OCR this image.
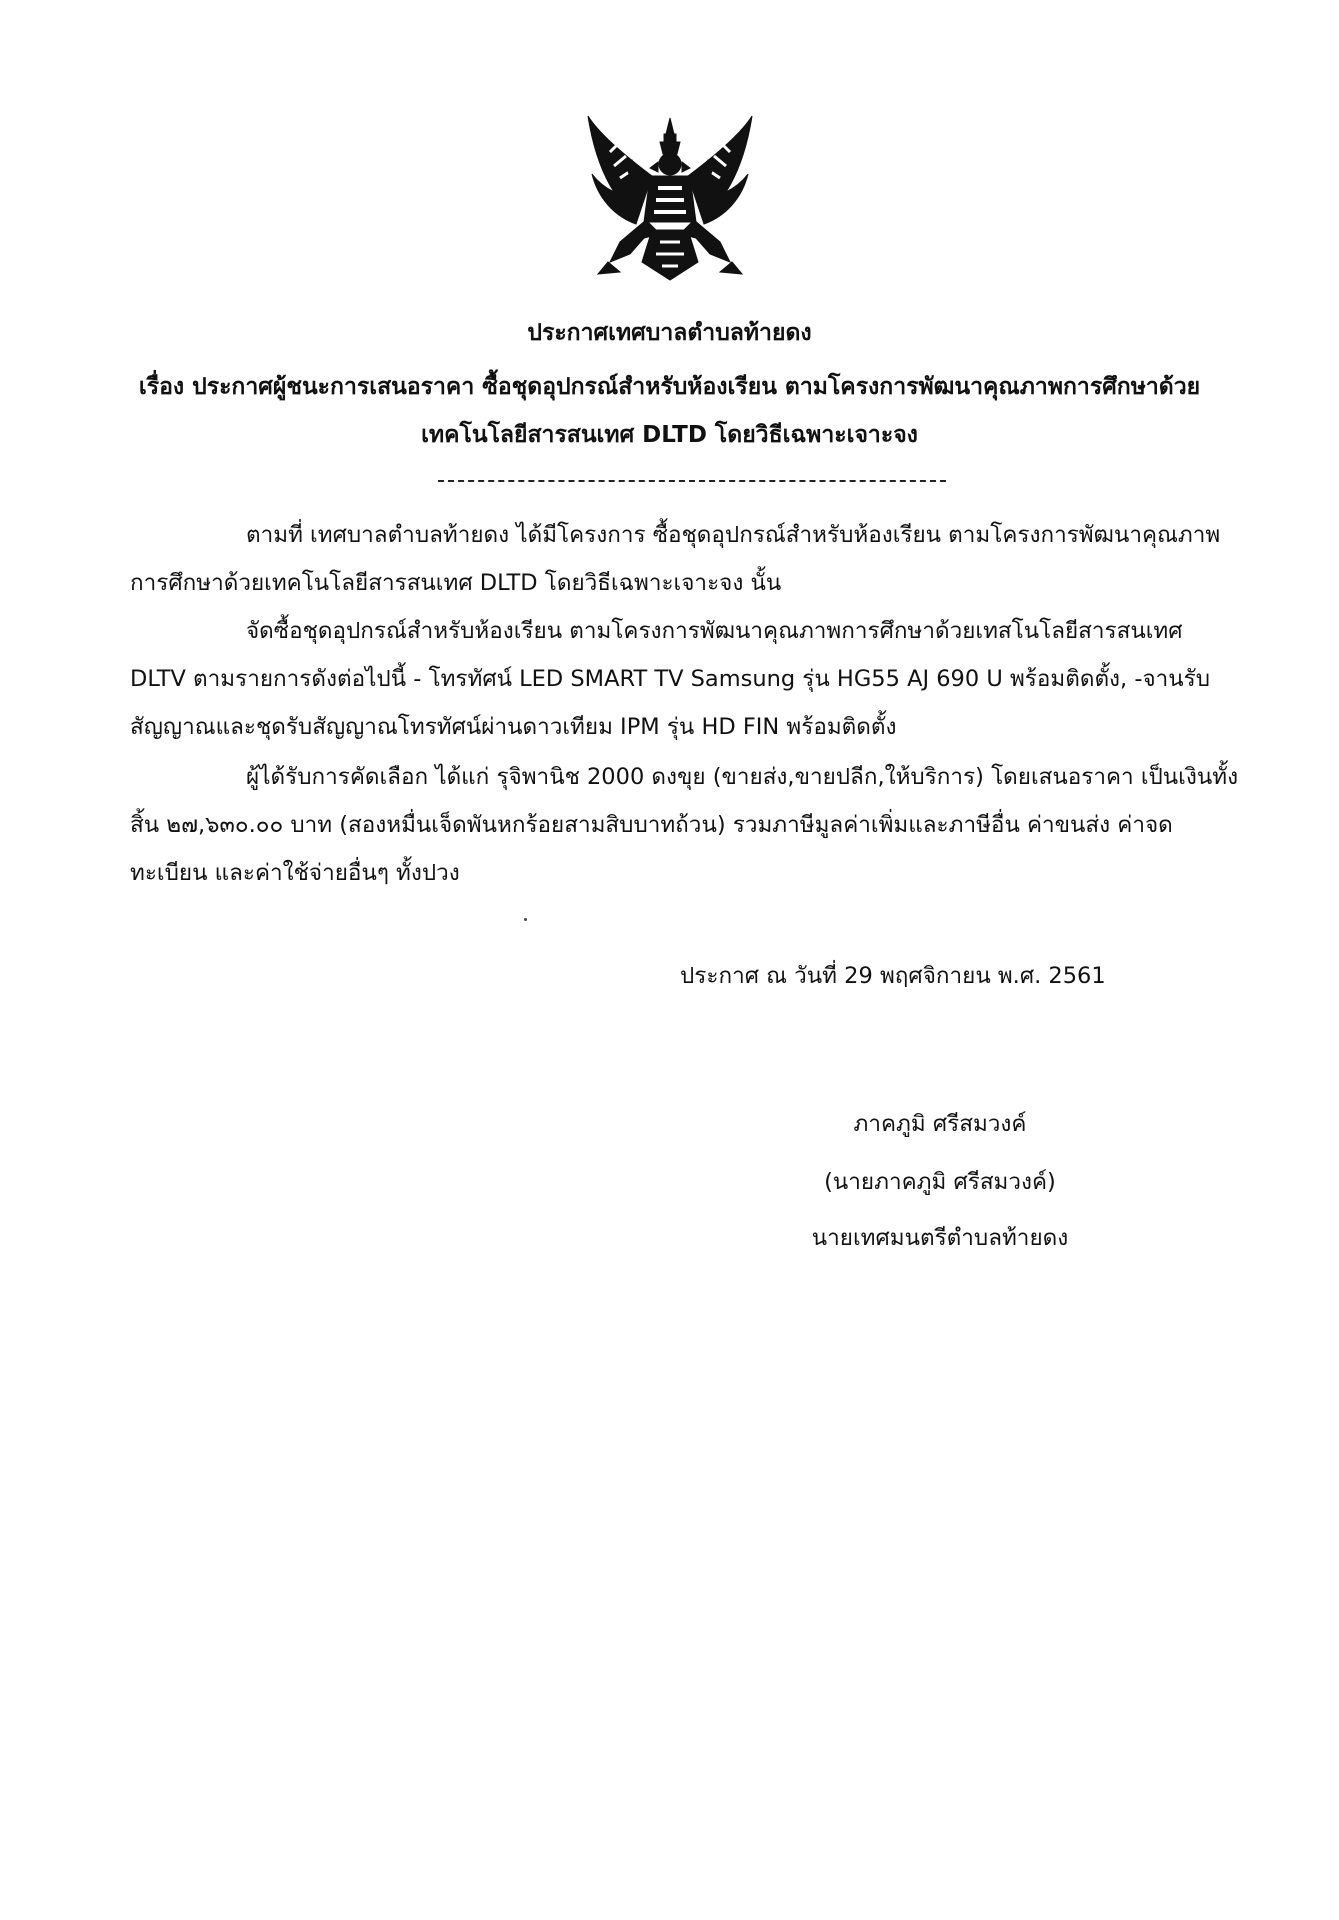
ประกาศเทศบาลตำบลท้ายดง
เรื่อง ประกาศผู้ชนะการเสนอราคา ซื้อชุดอุปกรณ์สำหรับห้องเรียน ตามโครงการพัฒนาคุณภาพการศึกษาด้วย
เทคโนโลยีสารสนเทศ DLTD โดยวิธีเฉพาะเจาะจง
ตามที่ เทศบาลตำบลท้ายดง ได้มีโครงการ ซื้อชุดอุปกรณ์สำหรับห้องเรียน ตามโครงการพัฒนาคุณภาพ
การศึกษาด้วยเทคโนโลยีสารสนเทศ DLTD โดยวิธีเฉพาะเจาะจง นั้น
จัดซื้อชุดอุปกรณ์สำหรับห้องเรียน ตามโครงการพัฒนาคุณภาพการศึกษาด้วยเทสโนโลยีสารสนเทศ
DLTV ตามรายการดังต่อไปนี้ - โทรทัศน์ LED SMART TV Samsung รุ่น HG55 AJ 690 U พร้อมติดตั้ง, -จานรับ
สัญญาณและชุดรับสัญญาณโทรทัศน์ผ่านดาวเทียม IPM รุ่น HD FIN พร้อมติดตั้ง
ผู้ได้รับการคัดเลือก ได้แก่ รุจิพานิช 2000 ดงขุย (ขายส่ง,ขายปลีก,ให้บริการ) โดยเสนอราคา เป็นเงินทั้ง
สิ้น ๒๗,๖๓๐.๐๐ บาท (สองหมื่นเจ็ดพันหกร้อยสามสิบบาทถ้วน) รวมภาษีมูลค่าเพิ่มและภาษีอื่น ค่าขนส่ง ค่าจด
ทะเบียน และค่าใช้จ่ายอื่นๆ ทั้งปวง
ประกาศ ณ วันที่ 29 พฤศจิกายน พ.ศ. 2561
ภาคภูมิ ศรีสมวงค์
(นายภาคภูมิ ศรีสมวงค์)
นายเทศมนตรีตำบลท้ายดง
